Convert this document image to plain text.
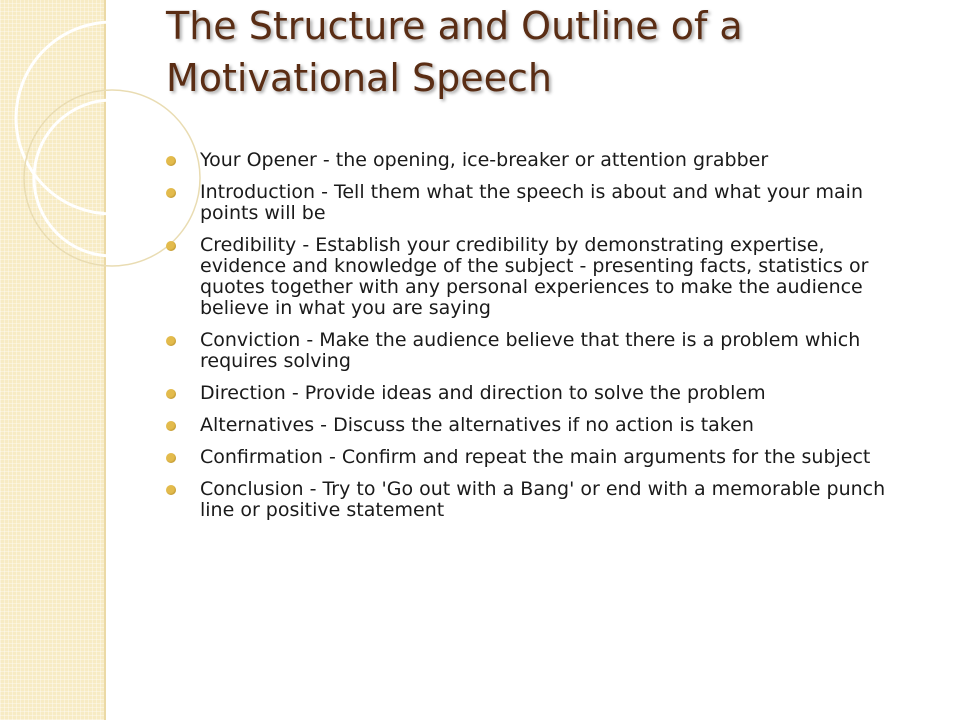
The Structure and Outline of a Motivational Speech
Your Opener - the opening, ice-breaker or attention grabber
Introduction - Tell them what the speech is about and what your main points will be
Credibility - Establish your credibility by demonstrating expertise, evidence and knowledge of the subject - presenting facts, statistics or quotes together with any personal experiences to make the audience believe in what you are saying
Conviction - Make the audience believe that there is a problem which requires solving
Direction - Provide ideas and direction to solve the problem
Alternatives - Discuss the alternatives if no action is taken
Confirmation - Confirm and repeat the main arguments for the subject
Conclusion - Try to 'Go out with a Bang' or end with a memorable punch line or positive statement
